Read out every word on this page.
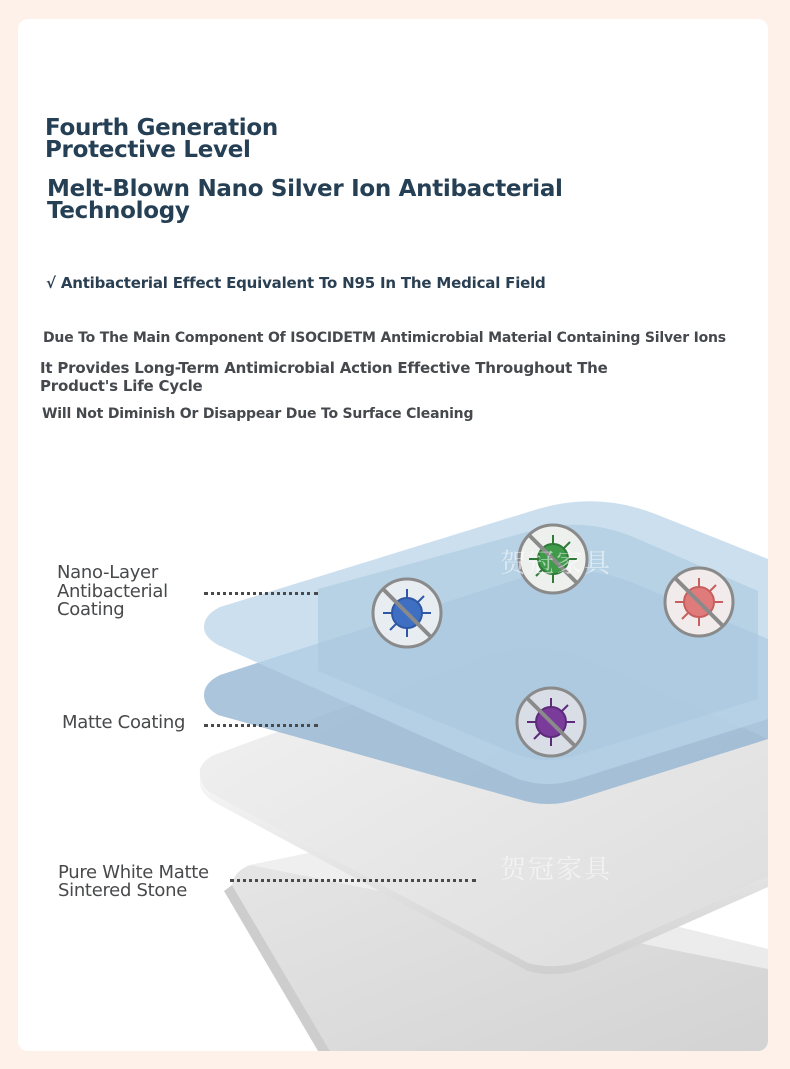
贺冠家具
贺冠家具

Fourth Generation

Protective Level

Melt-Blown Nano Silver Ion Antibacterial

Technology

√ Antibacterial Effect Equivalent To N95 In The Medical Field

Due To The Main Component Of ISOCIDETM Antimicrobial Material Containing Silver Ions

It Provides Long-Term Antimicrobial Action Effective Throughout The

Product's Life Cycle

Will Not Diminish Or Disappear Due To Surface Cleaning

Nano-Layer

Antibacterial

Coating

Matte Coating

Pure White Matte

Sintered Stone
